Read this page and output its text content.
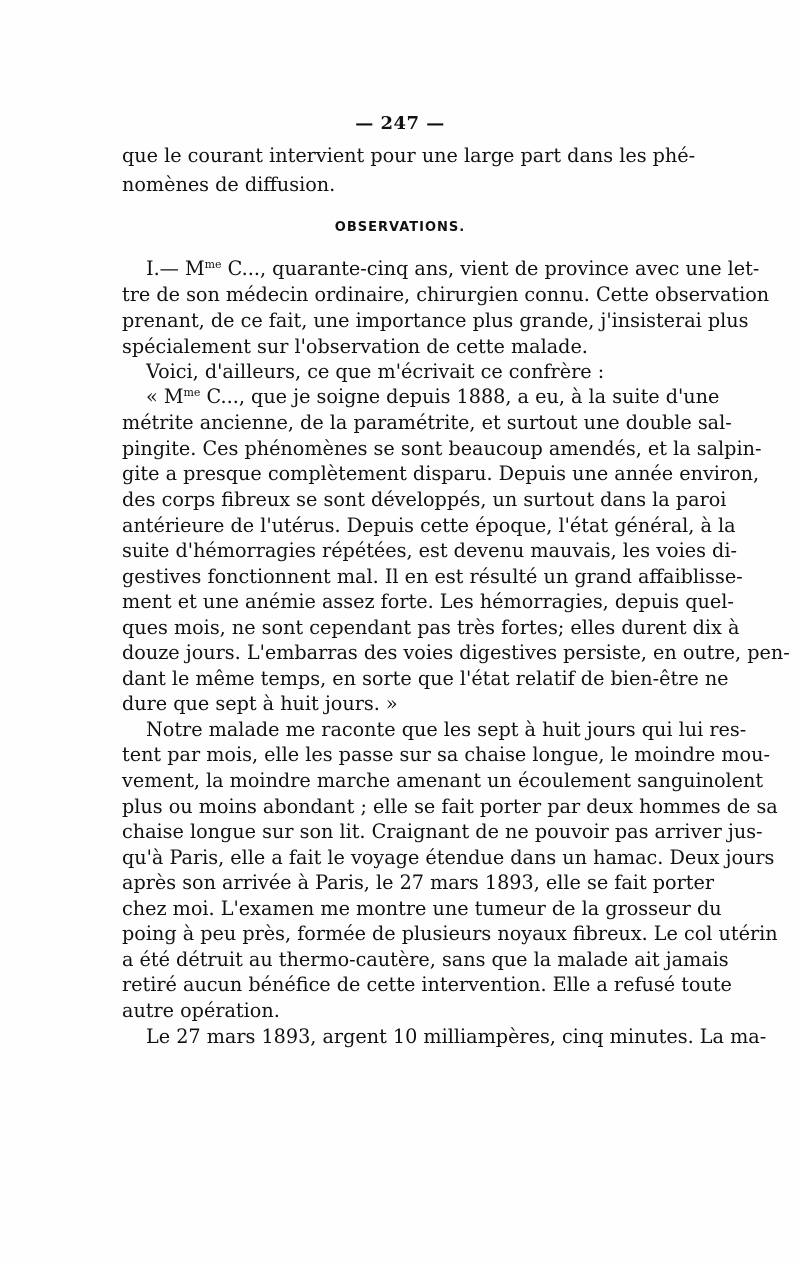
— 247 —
que le courant intervient pour une large part dans les phé-
nomènes de diffusion.
OBSERVATIONS.
I.— $M^{me}$ C..., quarante-cinq ans, vient de province avec une let-
tre de son médecin ordinaire, chirurgien connu. Cette observation
prenant, de ce fait, une importance plus grande, j'insisterai plus
spécialement sur l'observation de cette malade.
Voici, d'ailleurs, ce que m'écrivait ce confrère :
« $M^{me}$ C..., que je soigne depuis 1888, a eu, à la suite d'une
métrite ancienne, de la paramétrite, et surtout une double sal-
pingite. Ces phénomènes se sont beaucoup amendés, et la salpin-
gite a presque complètement disparu. Depuis une année environ,
des corps fibreux se sont développés, un surtout dans la paroi
antérieure de l'utérus. Depuis cette époque, l'état général, à la
suite d'hémorragies répétées, est devenu mauvais, les voies di-
gestives fonctionnent mal. Il en est résulté un grand affaiblisse-
ment et une anémie assez forte. Les hémorragies, depuis quel-
ques mois, ne sont cependant pas très fortes; elles durent dix à
douze jours. L'embarras des voies digestives persiste, en outre, pen-
dant le même temps, en sorte que l'état relatif de bien-être ne
dure que sept à huit jours. »
Notre malade me raconte que les sept à huit jours qui lui res-
tent par mois, elle les passe sur sa chaise longue, le moindre mou-
vement, la moindre marche amenant un écoulement sanguinolent
plus ou moins abondant ; elle se fait porter par deux hommes de sa
chaise longue sur son lit. Craignant de ne pouvoir pas arriver jus-
qu'à Paris, elle a fait le voyage étendue dans un hamac. Deux jours
après son arrivée à Paris, le 27 mars 1893, elle se fait porter
chez moi. L'examen me montre une tumeur de la grosseur du
poing à peu près, formée de plusieurs noyaux fibreux. Le col utérin
a été détruit au thermo-cautère, sans que la malade ait jamais
retiré aucun bénéfice de cette intervention. Elle a refusé toute
autre opération.
Le 27 mars 1893, argent 10 milliampères, cinq minutes. La ma-
